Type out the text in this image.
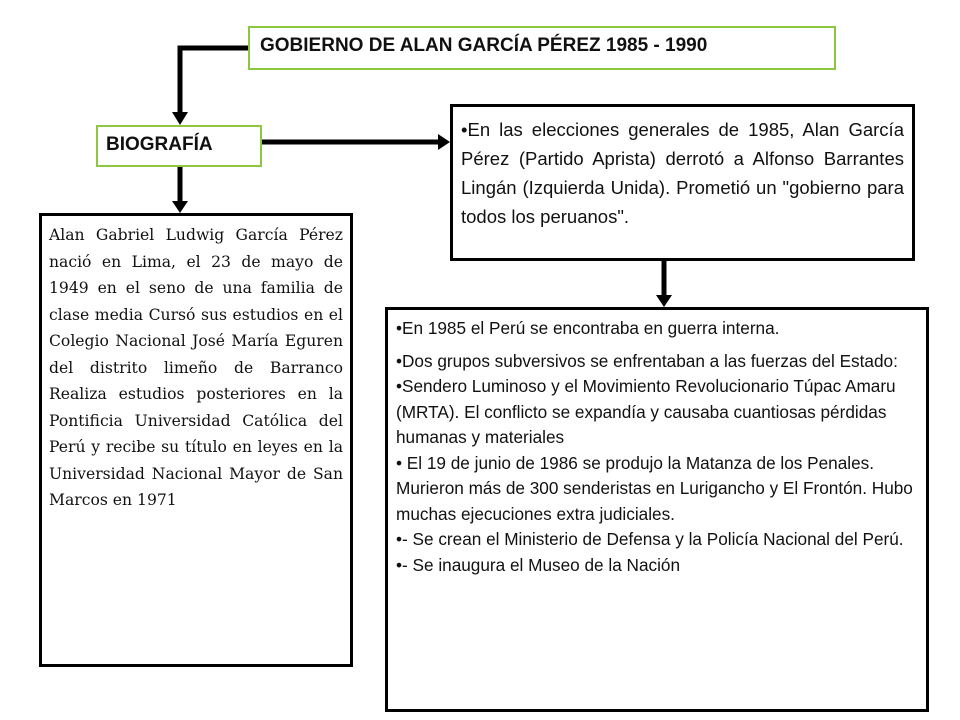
GOBIERNO DE ALAN GARCÍA PÉREZ 1985 - 1990
BIOGRAFÍA
Alan Gabriel Ludwig García Pérez nació en Lima, el 23 de mayo de 1949 en el seno de una familia de clase media Cursó sus estudios en el Colegio Nacional José María Eguren del distrito limeño de Barranco Realiza estudios posteriores en la Pontificia Universidad Católica del Perú y recibe su título en leyes en la Universidad Nacional Mayor de San Marcos en 1971
•En las elecciones generales de 1985, Alan García Pérez (Partido Aprista) derrotó a Alfonso Barrantes Lingán (Izquierda Unida). Prometió un "gobierno para todos los peruanos".

•En 1985 el Perú se encontraba en guerra interna.

•Dos grupos subversivos se enfrentaban a las fuerzas del Estado:

•Sendero Luminoso y el Movimiento Revolucionario Túpac Amaru (MRTA). El conflicto se expandía y causaba cuantiosas pérdidas humanas y materiales

• El 19 de junio de 1986 se produjo la Matanza de los Penales. Murieron más de 300 senderistas en Lurigancho y El Frontón. Hubo muchas ejecuciones extra judiciales.

•- Se crean el Ministerio de Defensa y la Policía Nacional del Perú.

•- Se inaugura el Museo de la Nación
